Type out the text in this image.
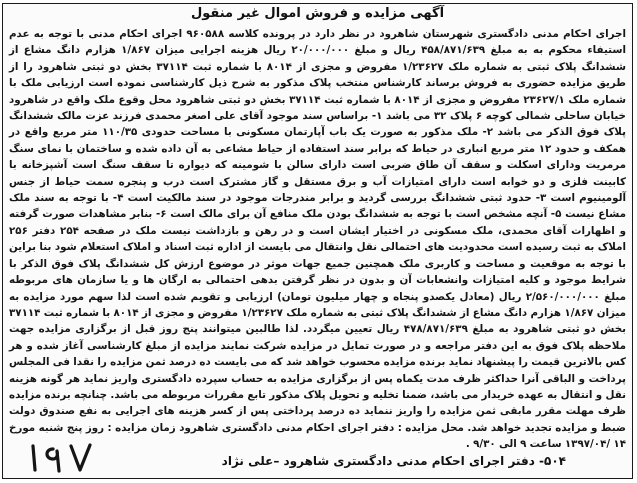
آگهی مزایده و فروش اموال غیر منقول
اجرای احکام مدنی دادگستری شهرستان شاهرود در نظر دارد در پرونده کلاسه ۹۶۰۵۸۸ اجرای احکام مدنی با توجه به عدم استیفاء محکوم به به مبلغ ۴۵۸/۸۷۱/۶۳۹ ریال و مبلغ ۲۰/۰۰۰/۰۰۰ ریال هزینه اجرایی میزان ۱/۸۶۷ هزارم دانگ مشاع از ششدانگ پلاک ثبتی به شماره ملک ۱/۲۳۶۲۷ مفروض و مجزی از ۸۰۱۴ با شماره ثبت ۳۷۱۱۴ بخش دو ثبتی شاهرود را از طریق مزایده حضوری به فروش برساند کارشناس منتخب پلاک مذکور به شرح ذیل کارشناسی نموده است ارزیابی ملک با شماره ملک ۲۳۶۲۷/۱ مفروض و مجزی از ۸۰۱۴ با شماره ثبت ۳۷۱۱۴ بخش دو ثبتی شاهرود محل وقوع ملک واقع در شاهرود خیابان ساحلی شمالی کوچه ۶ پلاک ۳۲ می باشد ۱- براساس سند موجود آقای علی اصغر محمدی فرزند عزت مالک ششدانگ پلاک فوق الذکر می باشد ۲- ملک مذکور به صورت یک باب آپارتمان مسکونی با مساحت حدودی ۱۱۰/۳۵ متر مربع واقع در همکف و حدود ۱۲ متر مربع انباری در حیاط که برابر سند استفاده از حیاط مشاعی به آن داده شده و ساختمان با نمای سنگ مرمریت ودارای اسکلت و سقف آن طاق ضربی است دارای سالن با شومینه که دیواره تا سقف سنگ است آشپزخانه با کابینت فلزی و دو خوابه است دارای امتیازات آب و برق مستقل و گاز مشترک است درب و پنجره سمت حیاط از جنس آلومینیوم است ۳- حدود ثبتی ششدانگ بررسی گردید و برابر مندرجات موجود در سند مالکیت است ۴- با توجه به سند ملک مشاع نیست ۵- آنچه مشخص است با توجه به ششدانگ بودن ملک منافع آن برای مالک است ۶- بنابر مشاهدات صورت گرفته و اظهارات آقای محمدی، ملک مسکونی در اختیار ایشان است و در رهن و بازداشت نیست ملک در صفحه ۲۵۴ دفتر ۲۵۶ املاک به ثبت رسیده است محدودیت های احتمالی نقل وانتقال می بایست از اداره ثبت اسناد و املاک استعلام شود بنا براین با توجه به موقعیت و مساحت و کاربری ملک همچنین جمیع جهات موثر در موضوع ارزش کل ششدانگ پلاک فوق الذکر با شرایط موجود و کلیه امتیازات وانشعابات آن و بدون در نظر گرفتن بدهی احتمالی به ارگان ها و یا سازمان های مربوطه مبلغ ۲/۵۶۰/۰۰۰/۰۰۰ ریال (معادل یکصدو پنجاه و چهار میلیون تومان) ارزیابی و تقویم شده است لذا سهم مورد مزایده به میزان ۱/۸۶۷ هزارم دانگ مشاع از ششدانگ پلاک ثبتی به شماره ملک ۱/۲۳۶۲۷ مفروض و مجزی از ۸۰۱۴ با شماره ثبت ۳۷۱۱۴ بخش دو ثبتی شاهرود به مبلغ ۴۷۸/۸۷۱/۶۳۹ ریال تعیین میگردد. لذا طالبین میتوانند پنج روز قبل از برگزاری مزایده جهت ملاحظه پلاک فوق به این دفتر مراجعه و در صورت تمایل در مزایده شرکت نمایند مزایده از مبلغ کارشناسی آغاز شده و هر کس بالاترین قیمت را پیشنهاد نماید برنده مزایده محسوب خواهد شد که می بایست ده درصد ثمن مزایده را نقدا فی المجلس پرداخت و الباقی آنرا حداکثر ظرف مدت یکماه پس از برگزاری مزایده به حساب سپرده دادگستری واریز نماید هر گونه هزینه نقل و انتقال به عهده خریدار می باشد، ضمنا تخلیه و تحویل پلاک مذکور تابع مقررات مربوطه می باشد. چنانچه برنده مزایده ظرف مهلت مقرر مابقی ثمن مزایده را واریز ننماید ده درصد پرداختی پس از کسر هزینه های اجرایی به نفع صندوق دولت ضبط و مزایده تجدید خواهد شد. محل مزایده : دفتر اجرای احکام مدنی دادگستری شاهرود زمان مزایده : روز پنج شنبه مورخ ۱۴ /۱۳۹۷/۰۴ ساعت ۹ الی ۹/۳۰ .
۵۰۴- دفتر اجرای احکام مدنی دادگستری شاهرود –علی نژاد
